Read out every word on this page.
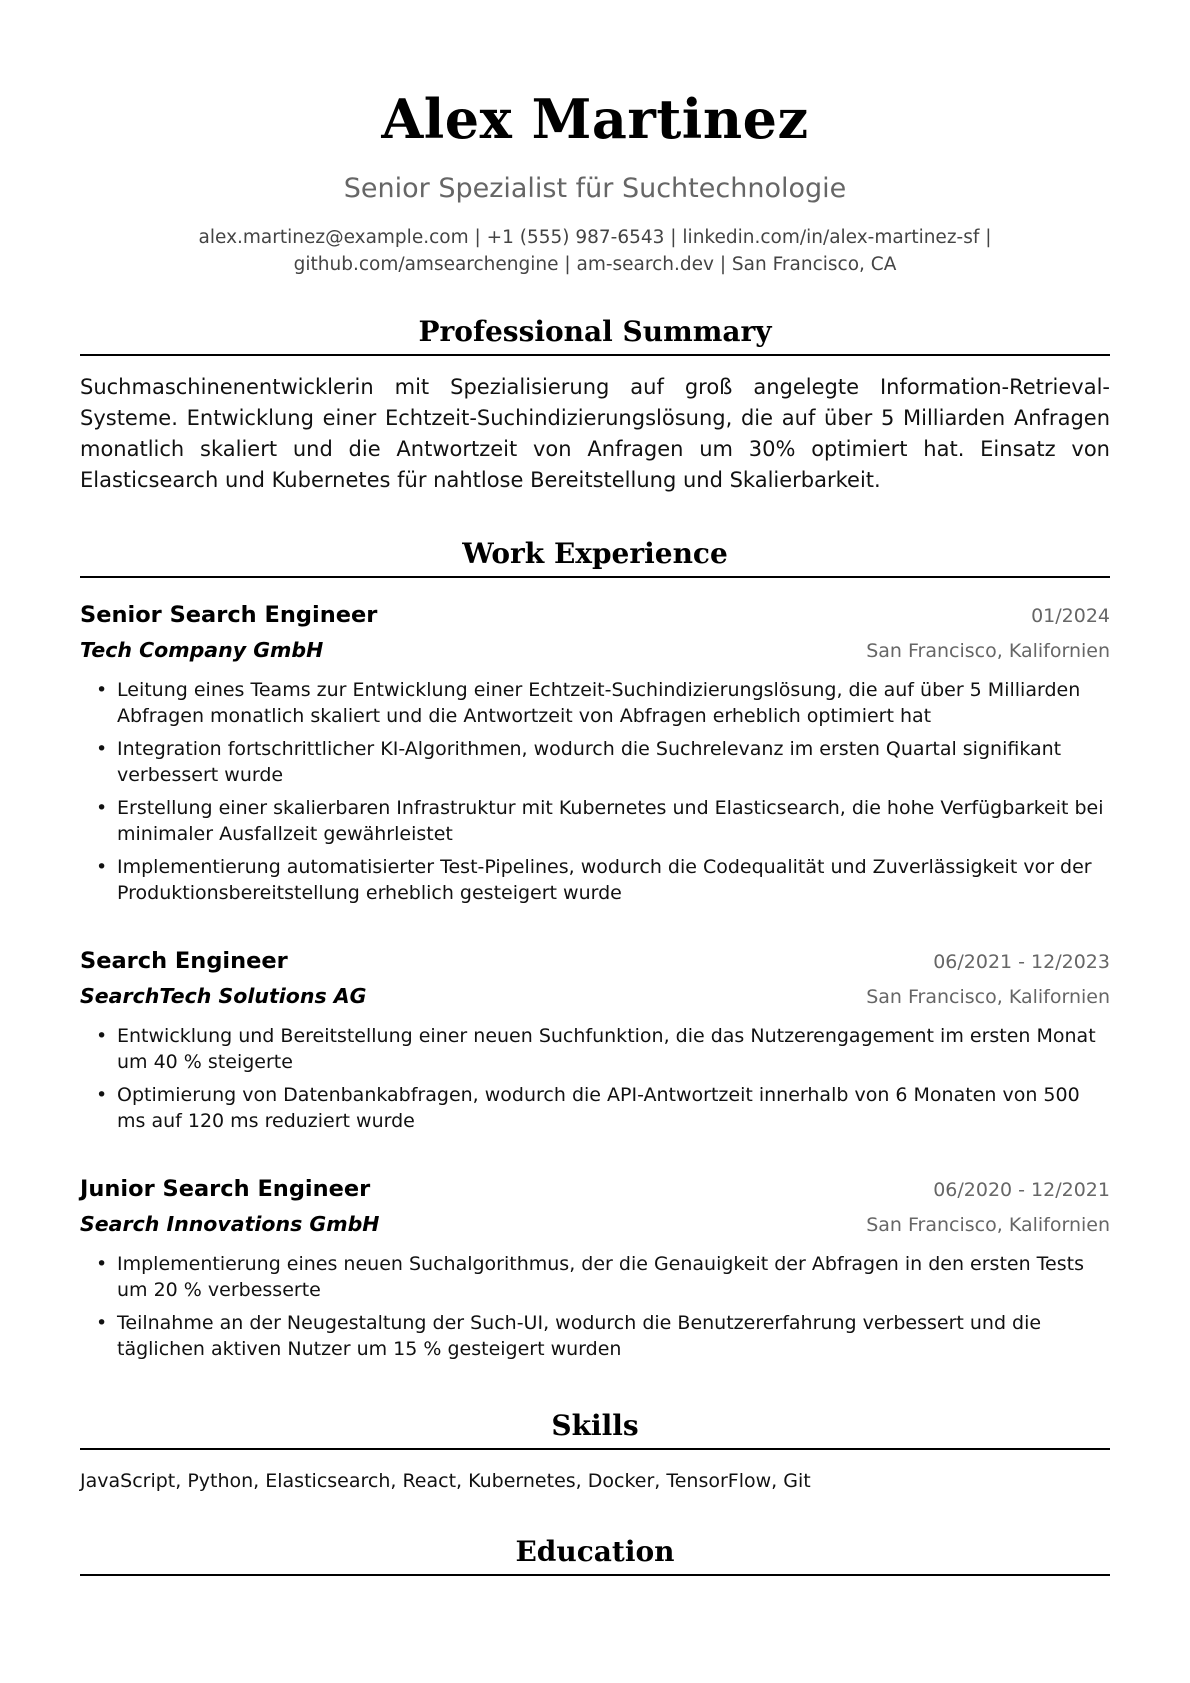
Alex Martinez
Senior Spezialist für Suchtechnologie
alex.martinez@example.com | +1 (555) 987-6543 | linkedin.com/in/alex-martinez-sf |
github.com/amsearchengine | am-search.dev | San Francisco, CA
Professional Summary

Suchmaschinenentwicklerin mit Spezialisierung auf groß angelegte Information-Retrieval-Systeme. Entwicklung einer Echtzeit-Suchindizierungslösung, die auf über 5 Milliarden Anfragen monatlich skaliert und die Antwortzeit von Anfragen um 30% optimiert hat. Einsatz von Elasticsearch und Kubernetes für nahtlose Bereitstellung und Skalierbarkeit.

Work Experience
Senior Search Engineer	01/2024
Tech Company GmbH	San Francisco, Kalifornien
• Leitung eines Teams zur Entwicklung einer Echtzeit-Suchindizierungslösung, die auf über 5 Milliarden Abfragen monatlich skaliert und die Antwortzeit von Abfragen erheblich optimiert hat
• Integration fortschrittlicher KI-Algorithmen, wodurch die Suchrelevanz im ersten Quartal signifikant verbessert wurde
• Erstellung einer skalierbaren Infrastruktur mit Kubernetes und Elasticsearch, die hohe Verfügbarkeit bei minimaler Ausfallzeit gewährleistet
• Implementierung automatisierter Test-Pipelines, wodurch die Codequalität und Zuverlässigkeit vor der Produktionsbereitstellung erheblich gesteigert wurde
Search Engineer	06/2021 - 12/2023
SearchTech Solutions AG	San Francisco, Kalifornien
• Entwicklung und Bereitstellung einer neuen Suchfunktion, die das Nutzerengagement im ersten Monat um 40 % steigerte
• Optimierung von Datenbankabfragen, wodurch die API-Antwortzeit innerhalb von 6 Monaten von 500 ms auf 120 ms reduziert wurde
Junior Search Engineer	06/2020 - 12/2021
Search Innovations GmbH	San Francisco, Kalifornien
• Implementierung eines neuen Suchalgorithmus, der die Genauigkeit der Abfragen in den ersten Tests um 20 % verbesserte
• Teilnahme an der Neugestaltung der Such-UI, wodurch die Benutzererfahrung verbessert und die täglichen aktiven Nutzer um 15 % gesteigert wurden
Skills

JavaScript, Python, Elasticsearch, React, Kubernetes, Docker, TensorFlow, Git

Education
